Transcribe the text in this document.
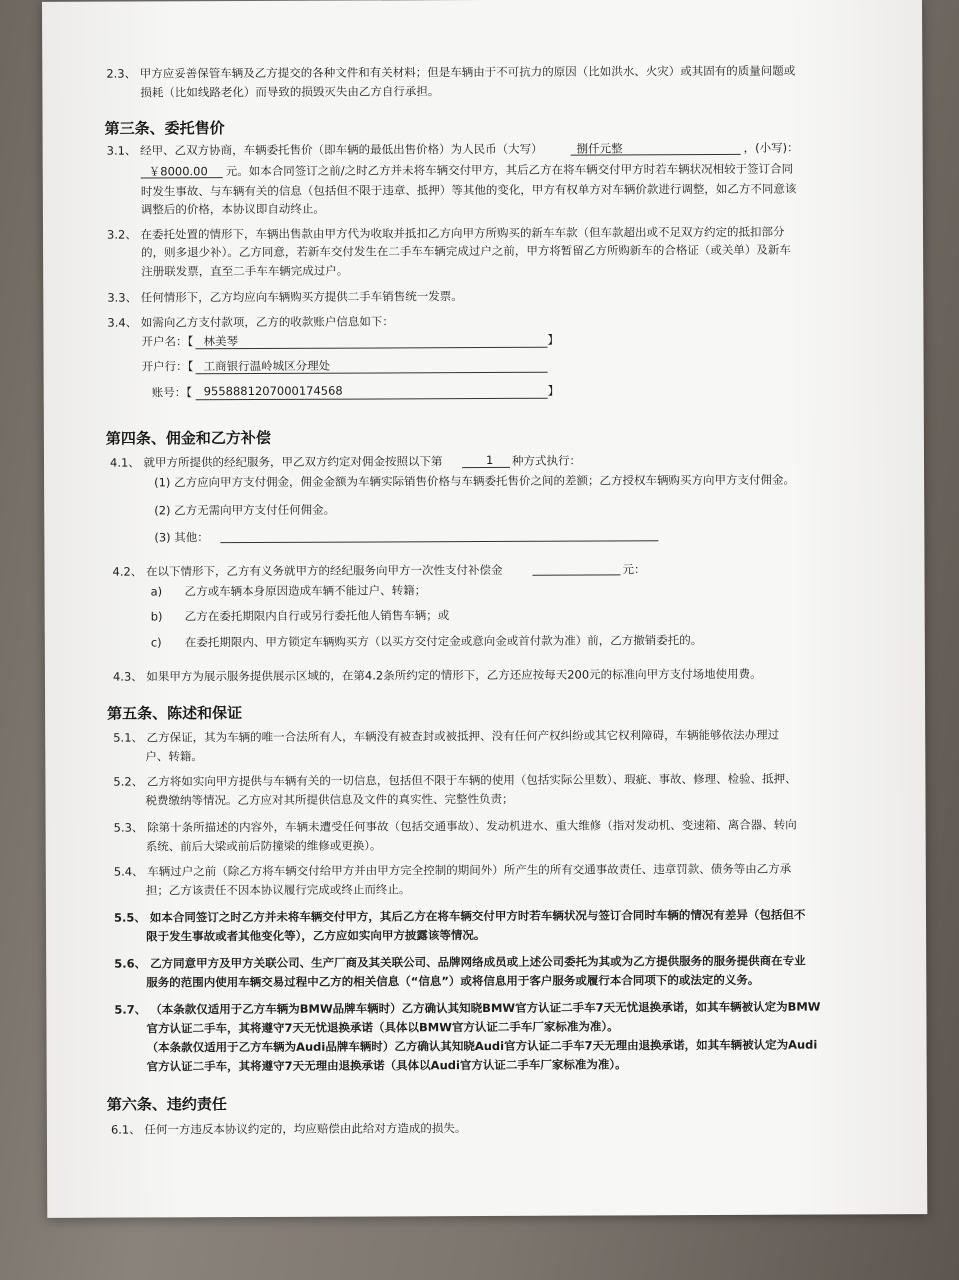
2.3、 甲方应妥善保管车辆及乙方提交的各种文件和有关材料；但是车辆由于不可抗力的原因（比如洪水、火灾）或其固有的质量问题或
损耗（比如线路老化）而导致的损毁灭失由乙方自行承担。
第三条、委托售价
3.1、 经甲、乙双方协商，车辆委托售价（即车辆的最低出售价格）为人民币（大写）	捌仟元整	，(小写)：
￥8000.00 元。如本合同签订之前/之时乙方并未将车辆交付甲方，其后乙方在将车辆交付甲方时若车辆状况相较于签订合同
时发生事故、与车辆有关的信息（包括但不限于违章、抵押）等其他的变化，甲方有权单方对车辆价款进行调整，如乙方不同意该
调整后的价格，本协议即自动终止。
3.2、 在委托处置的情形下，车辆出售款由甲方代为收取并抵扣乙方向甲方所购买的新车车款（但车款超出或不足双方约定的抵扣部分
的，则多退少补）。乙方同意，若新车交付发生在二手车车辆完成过户之前，甲方将暂留乙方所购新车的合格证（或关单）及新车
注册联发票，直至二手车车辆完成过户。
3.3、 任何情形下，乙方均应向车辆购买方提供二手车销售统一发票。
3.4、 如需向乙方支付款项，乙方的收款账户信息如下：
开户名：【 林美琴	】
开户行：【 工商银行温岭城区分理处
账号：【 9558881207000174568	】
第四条、佣金和乙方补偿
4.1、 就甲方所提供的经纪服务，甲乙双方约定对佣金按照以下第	1 种方式执行：
(1) 乙方应向甲方支付佣金，佣金金额为车辆实际销售价格与车辆委托售价之间的差额；乙方授权车辆购买方向甲方支付佣金。
(2) 乙方无需向甲方支付任何佣金。
(3) 其他：
4.2、 在以下情形下，乙方有义务就甲方的经纪服务向甲方一次性支付补偿金	元：
a) 乙方或车辆本身原因造成车辆不能过户、转籍；
b) 乙方在委托期限内自行或另行委托他人销售车辆；或
c) 在委托期限内、甲方锁定车辆购买方（以买方交付定金或意向金或首付款为准）前，乙方撤销委托的。
4.3、 如果甲方为展示服务提供展示区域的，在第4.2条所约定的情形下，乙方还应按每天200元的标准向甲方支付场地使用费。
第五条、陈述和保证
5.1、 乙方保证，其为车辆的唯一合法所有人，车辆没有被查封或被抵押、没有任何产权纠纷或其它权利障碍，车辆能够依法办理过
户、转籍。
5.2、 乙方将如实向甲方提供与车辆有关的一切信息，包括但不限于车辆的使用（包括实际公里数）、瑕疵、事故、修理、检验、抵押、
税费缴纳等情况。乙方应对其所提供信息及文件的真实性、完整性负责；
5.3、 除第十条所描述的内容外，车辆未遭受任何事故（包括交通事故）、发动机进水、重大维修（指对发动机、变速箱、离合器、转向
系统、前后大梁或前后防撞梁的维修或更换）。
5.4、 车辆过户之前（除乙方将车辆交付给甲方并由甲方完全控制的期间外）所产生的所有交通事故责任、违章罚款、债务等由乙方承
担；乙方该责任不因本协议履行完成或终止而终止。
5.5、 如本合同签订之时乙方并未将车辆交付甲方，其后乙方在将车辆交付甲方时若车辆状况与签订合同时车辆的情况有差异（包括但不
限于发生事故或者其他变化等），乙方应如实向甲方披露该等情况。
5.6、 乙方同意甲方及甲方关联公司、生产厂商及其关联公司、品牌网络成员或上述公司委托为其或为乙方提供服务的服务提供商在专业
服务的范围内使用车辆交易过程中乙方的相关信息（“信息”）或将信息用于客户服务或履行本合同项下的或法定的义务。
5.7、 （本条款仅适用于乙方车辆为BMW品牌车辆时）乙方确认其知晓BMW官方认证二手车7天无忧退换承诺，如其车辆被认定为BMW
官方认证二手车，其将遵守7天无忧退换承诺（具体以BMW官方认证二手车厂家标准为准）。
（本条款仅适用于乙方车辆为Audi品牌车辆时）乙方确认其知晓Audi官方认证二手车7天无理由退换承诺，如其车辆被认定为Audi
官方认证二手车，其将遵守7天无理由退换承诺（具体以Audi官方认证二手车厂家标准为准）。
第六条、违约责任
6.1、 任何一方违反本协议约定的，均应赔偿由此给对方造成的损失。
